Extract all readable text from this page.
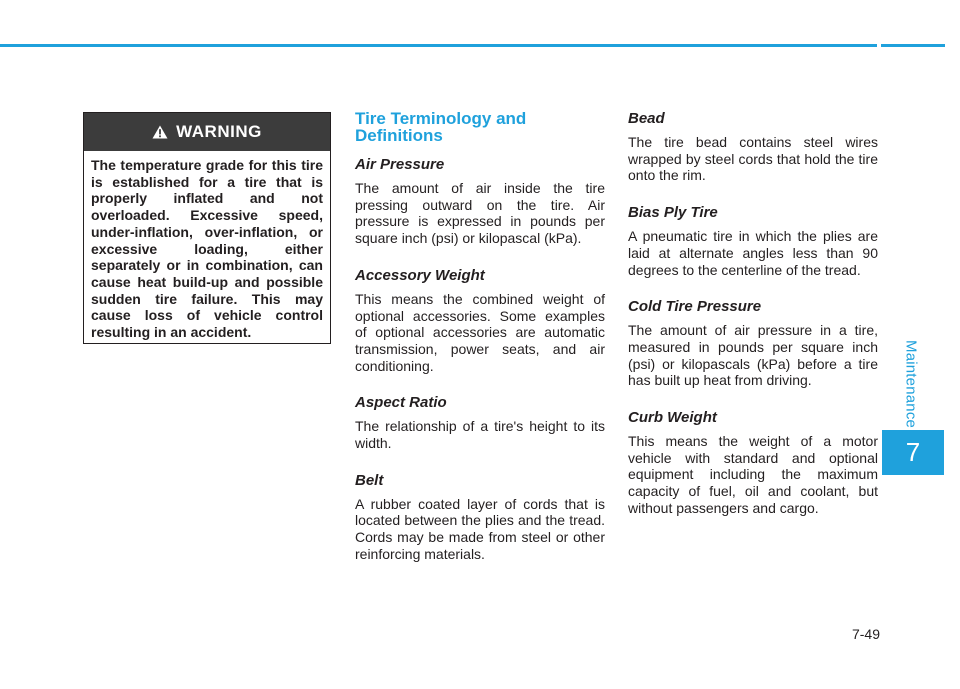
Maintenance
7
7-49
WARNING
The temperature grade for this tire is established for a tire that is properly inflated and not overloaded. Excessive speed, under-inflation, over-inflation, or excessive loading, either separately or in combination, can cause heat build-up and possible sudden tire failure. This may cause loss of vehicle control resulting in an accident.
Tire Terminology and Definitions
Air Pressure
The amount of air inside the tire pressing outward on the tire. Air pressure is expressed in pounds per square inch (psi) or kilopascal (kPa).
Accessory Weight
This means the combined weight of optional accessories. Some examples of optional accessories are automatic transmission, power seats, and air conditioning.
Aspect Ratio
The relationship of a tire's height to its width.
Belt
A rubber coated layer of cords that is located between the plies and the tread. Cords may be made from steel or other reinforcing materials.
Bead
The tire bead contains steel wires wrapped by steel cords that hold the tire onto the rim.
Bias Ply Tire
A pneumatic tire in which the plies are laid at alternate angles less than 90 degrees to the centerline of the tread.
Cold Tire Pressure
The amount of air pressure in a tire, measured in pounds per square inch (psi) or kilopascals (kPa) before a tire has built up heat from driving.
Curb Weight
This means the weight of a motor vehicle with standard and optional equipment including the maximum capacity of fuel, oil and coolant, but without passengers and cargo.
